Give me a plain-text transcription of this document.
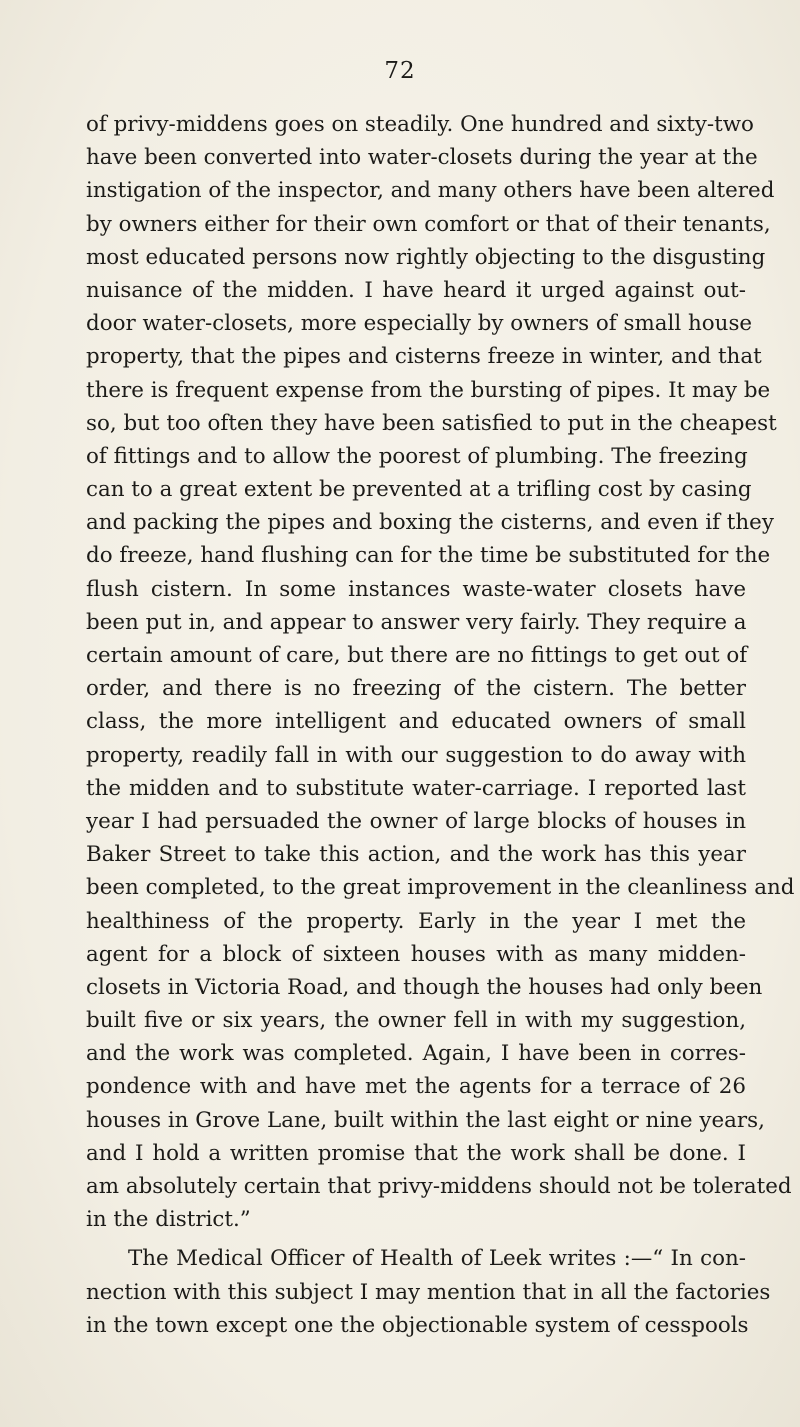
72
of privy-middens goes on steadily. One hundred and sixty-two
have been converted into water-closets during the year at the
instigation of the inspector, and many others have been altered
by owners either for their own comfort or that of their tenants,
most educated persons now rightly objecting to the disgusting
nuisance of the midden. I have heard it urged against out-
door water-closets, more especially by owners of small house
property, that the pipes and cisterns freeze in winter, and that
there is frequent expense from the bursting of pipes. It may be
so, but too often they have been satisfied to put in the cheapest
of fittings and to allow the poorest of plumbing. The freezing
can to a great extent be prevented at a trifling cost by casing
and packing the pipes and boxing the cisterns, and even if they
do freeze, hand flushing can for the time be substituted for the
flush cistern. In some instances waste-water closets have
been put in, and appear to answer very fairly. They require a
certain amount of care, but there are no fittings to get out of
order, and there is no freezing of the cistern. The better
class, the more intelligent and educated owners of small
property, readily fall in with our suggestion to do away with
the midden and to substitute water-carriage. I reported last
year I had persuaded the owner of large blocks of houses in
Baker Street to take this action, and the work has this year
been completed, to the great improvement in the cleanliness and
healthiness of the property. Early in the year I met the
agent for a block of sixteen houses with as many midden-
closets in Victoria Road, and though the houses had only been
built five or six years, the owner fell in with my suggestion,
and the work was completed. Again, I have been in corres-
pondence with and have met the agents for a terrace of 26
houses in Grove Lane, built within the last eight or nine years,
and I hold a written promise that the work shall be done. I
am absolutely certain that privy-middens should not be tolerated
in the district.”
The Medical Officer of Health of Leek writes :—“ In con-
nection with this subject I may mention that in all the factories
in the town except one the objectionable system of cesspools
